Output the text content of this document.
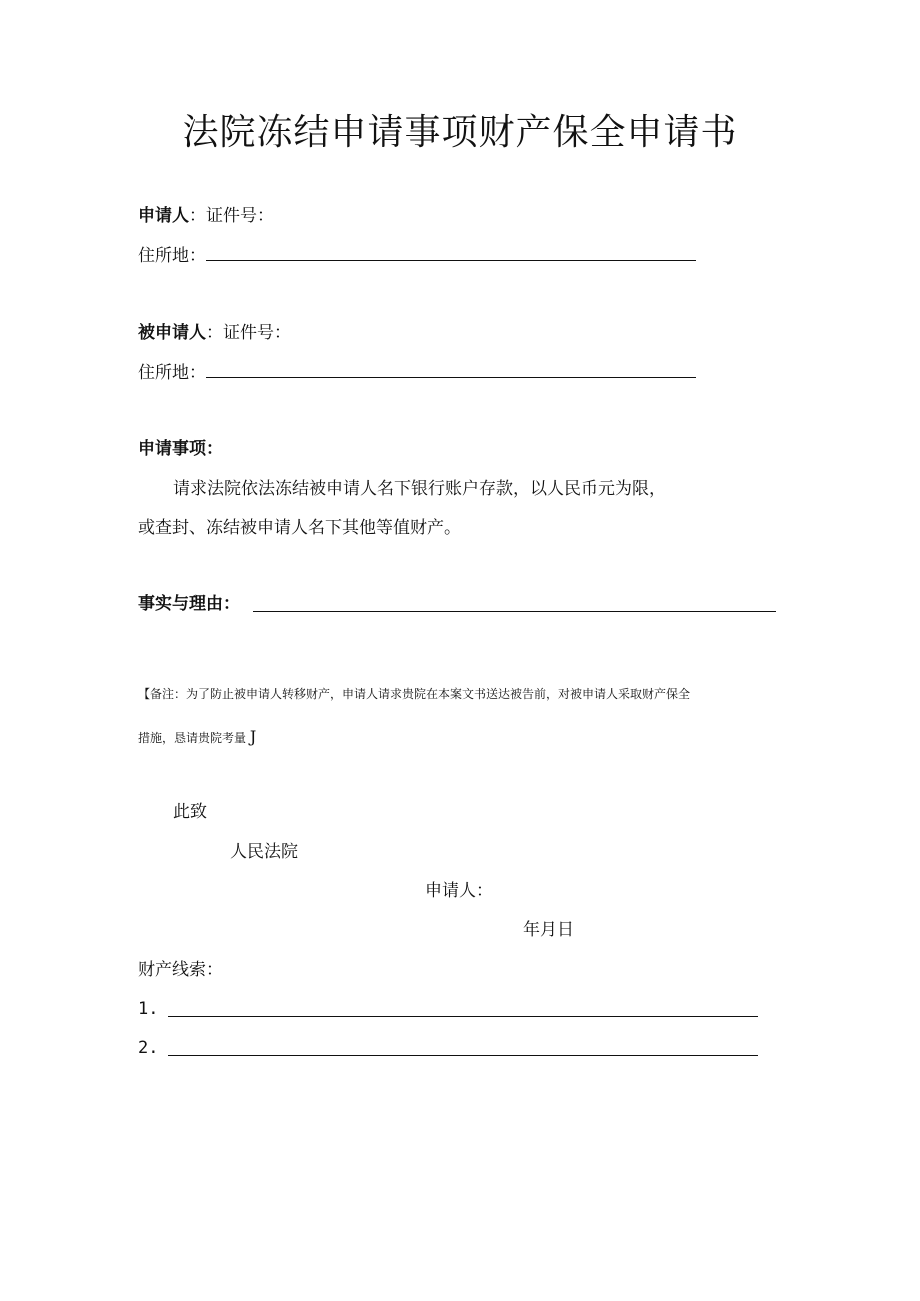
法院冻结申请事项财产保全申请书
申请人：证件号：
住所地：
被申请人：证件号：
住所地：
申请事项：
请求法院依法冻结被申请人名下银行账户存款，以人民币元为限，
或查封、冻结被申请人名下其他等值财产。
事实与理由：
【备注：为了防止被申请人转移财产，申请人请求贵院在本案文书送达被告前，对被申请人采取财产保全
措施，恳请贵院考量 J
此致
人民法院
申请人：
年月日
财产线索：
1.
2.
